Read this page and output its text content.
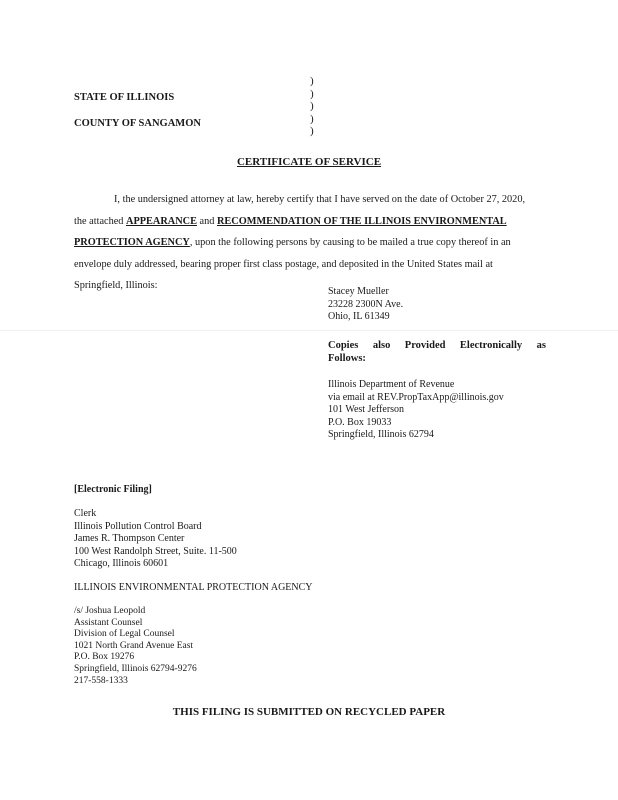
STATE OF ILLINOIS
COUNTY OF SANGAMON
)
)
)
)
)
CERTIFICATE OF SERVICE
I, the undersigned attorney at law, hereby certify that I have served on the date of October 27, 2020,
the attached APPEARANCE and RECOMMENDATION OF THE ILLINOIS ENVIRONMENTAL
PROTECTION AGENCY, upon the following persons by causing to be mailed a true copy thereof in an
envelope duly addressed, bearing proper first class postage, and deposited in the United States mail at
Springfield, Illinois:
Stacey Mueller
23228 2300N Ave.
Ohio, IL 61349
Copies also Provided Electronically as
Follows:
Illinois Department of Revenue
via email at REV.PropTaxApp@illinois.gov
101 West Jefferson
P.O. Box 19033
Springfield, Illinois 62794
[Electronic Filing]
Clerk
Illinois Pollution Control Board
James R. Thompson Center
100 West Randolph Street, Suite. 11-500
Chicago, Illinois 60601
ILLINOIS ENVIRONMENTAL PROTECTION AGENCY
/s/ Joshua Leopold
Assistant Counsel
Division of Legal Counsel
1021 North Grand Avenue East
P.O. Box 19276
Springfield, Illinois 62794-9276
217-558-1333
THIS FILING IS SUBMITTED ON RECYCLED PAPER
